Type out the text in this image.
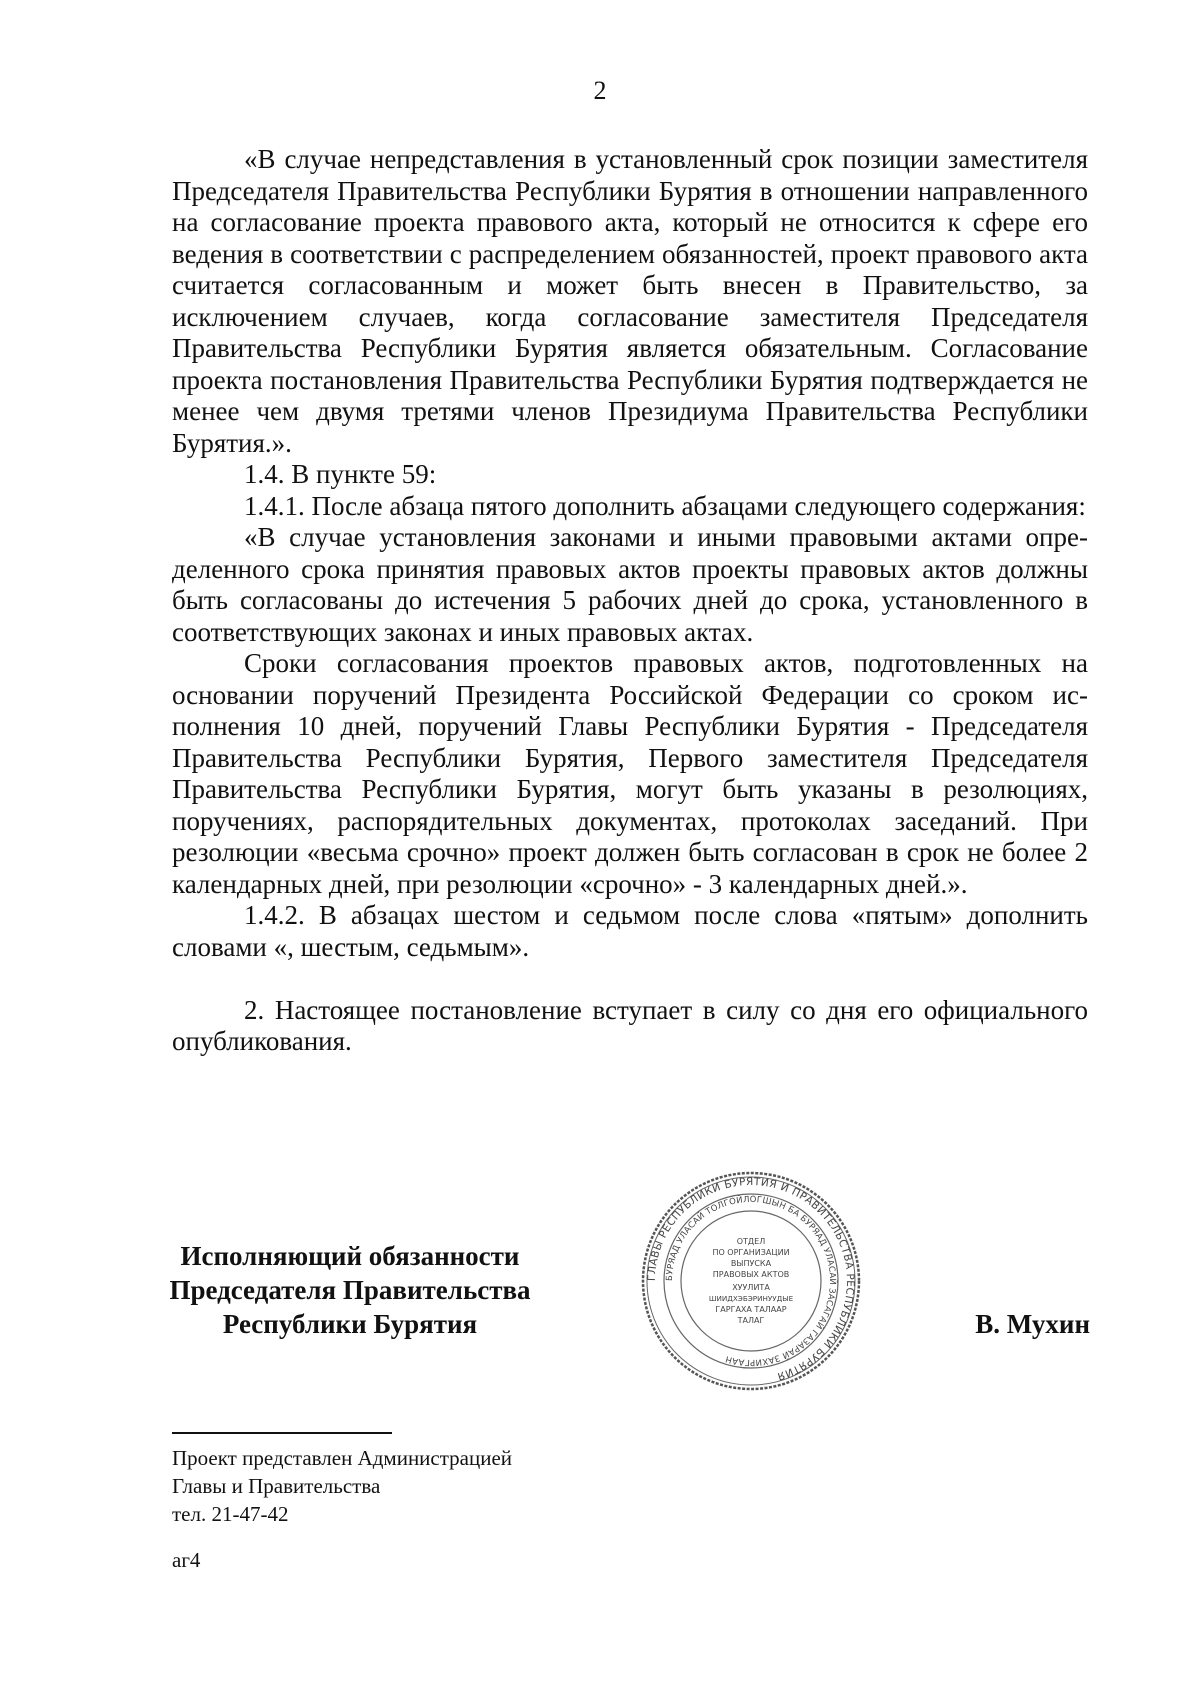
2

«В случае непредставления в установленный срок позиции заместителя Председателя Правительства Республики Бурятия в отношении направленного на согласование проекта правового акта, который не относится к сфере его ведения в соответствии с распределением обязанностей, проект правового акта считается согласованным и может быть внесен в Правительство, за исключением случаев, когда согласование заместителя Председателя Правительства Республики Бурятия является обязательным. Согласование проекта постановления Правительства Республики Бурятия подтверждается не менее чем двумя третями членов Президиума Правительства Республики Бурятия.».

1.4. В пункте 59:

1.4.1. После абзаца пятого дополнить абзацами следующего содержания:

«В случае установления законами и иными правовыми актами определенного срока принятия правовых актов проекты правовых актов должны быть согласованы до истечения 5 рабочих дней до срока, установленного в соответствующих законах и иных правовых актах.

Сроки согласования проектов правовых актов, подготовленных на основании поручений Президента Российской Федерации со сроком исполнения 10 дней, поручений Главы Республики Бурятия - Председателя Правительства Республики Бурятия, Первого заместителя Председателя Правительства Республики Бурятия, могут быть указаны в резолюциях, поручениях, распорядительных документах, протоколах заседаний. При резолюции «весьма срочно» проект должен быть согласован в срок не более 2 календарных дней, при резолюции «срочно» - 3 календарных дней.».

1.4.2. В абзацах шестом и седьмом после слова «пятым» дополнить словами «, шестым, седьмым».

2. Настоящее постановление вступает в силу со дня его официального опубликования.

Исполняющий обязанности
Председателя Правительства
Республики Бурятия
ГЛАВЫ РЕСПУБЛИКИ БУРЯТИЯ И ПРАВИТЕЛЬСТВА РЕСПУБЛИКИ БУРЯТИЯ
БУРЯАД УЛАСАЙ ТОЛГОЙЛОГШЫН БА БУРЯАД УЛАСАЙ ЗАСАГАЙ ГАЗАРАЙ ЗАХИРГААН
ОТДЕЛ
ПО ОРГАНИЗАЦИИ
ВЫПУСКА
ПРАВОВЫХ АКТОВ
ХУУЛИТА
ШИИДХЭБЭРИНУУДЫЕ
ГАРГАХА ТАЛААР
ТАЛАГ	В. Мухин
Проект представлен Администрацией
Главы и Правительства
тел. 21-47-42
аг4
